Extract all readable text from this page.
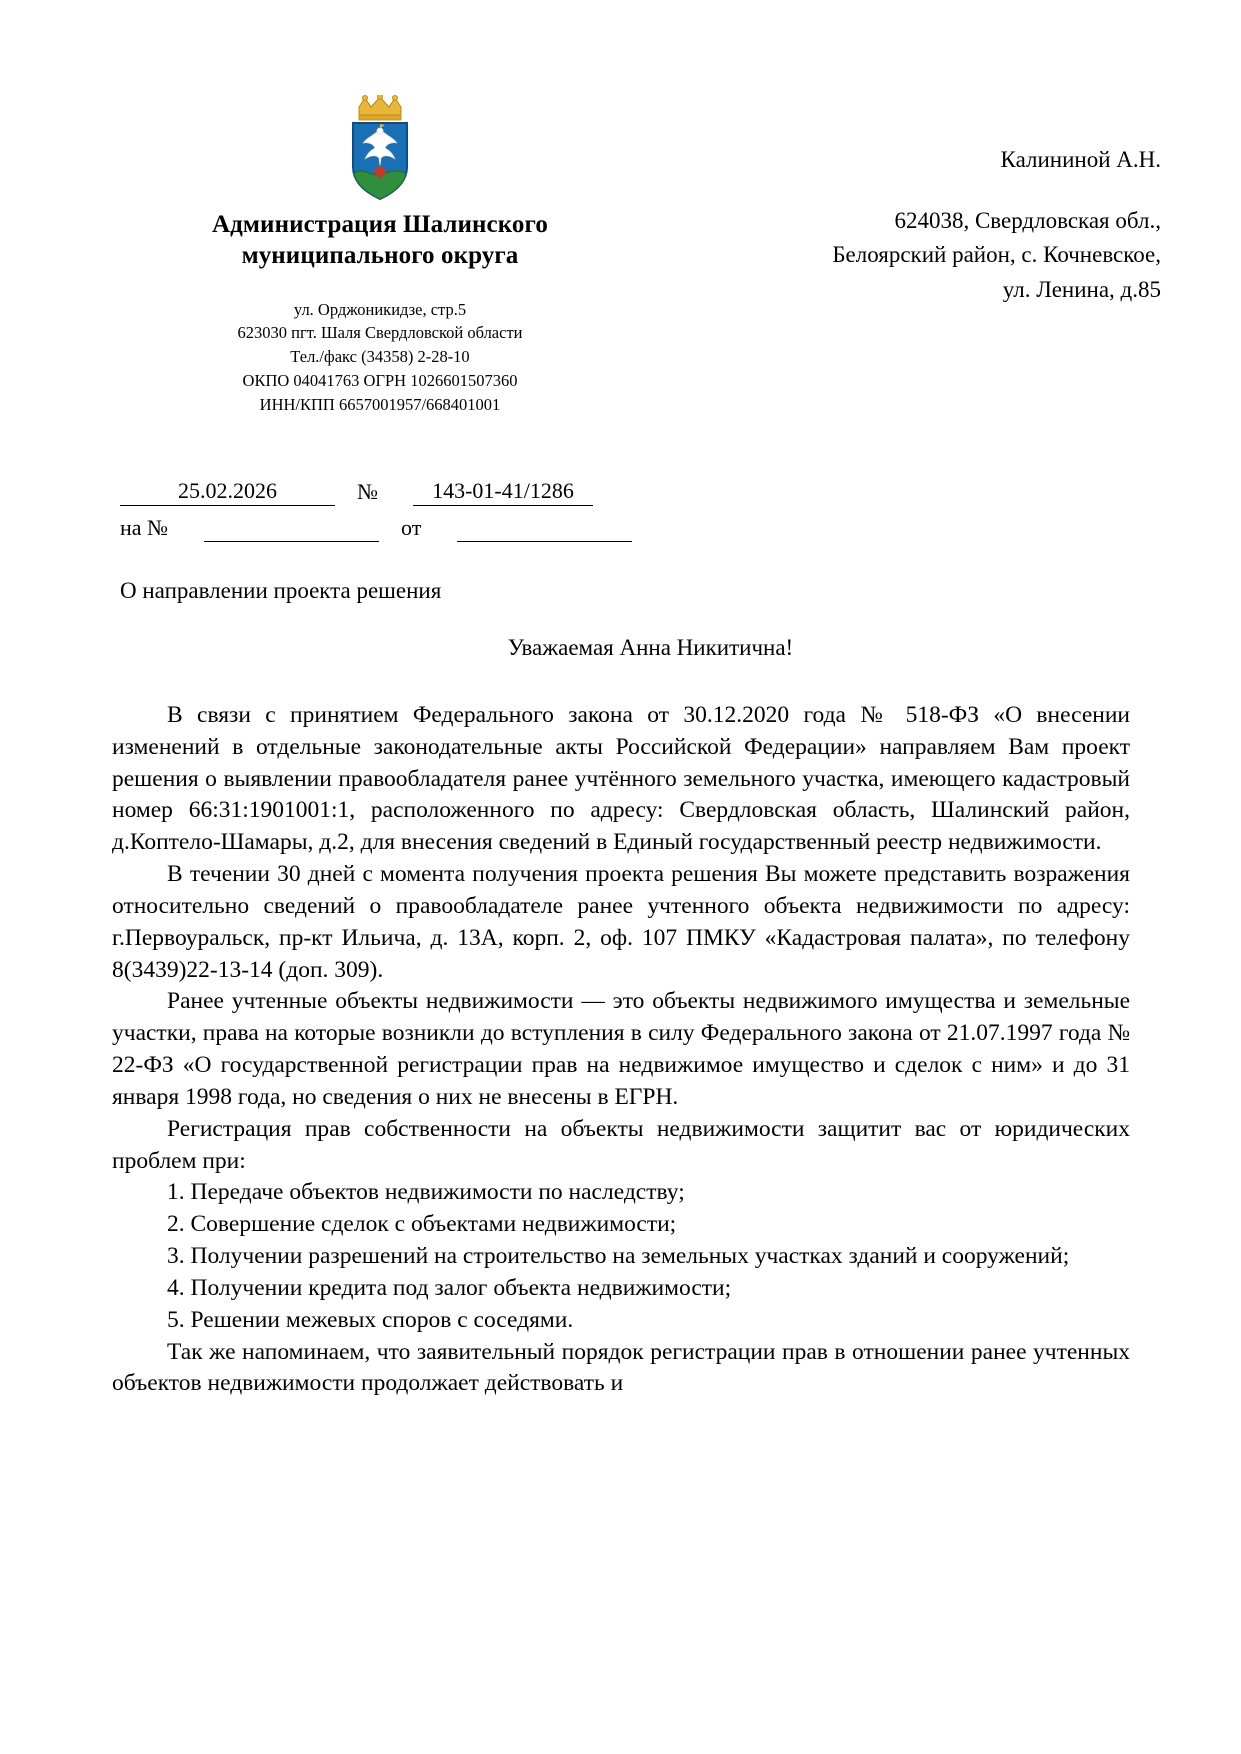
Администрация Шалинского
муниципального округа
ул. Орджоникидзе, стр.5
623030 пгт. Шаля Свердловской области
Тел./факс (34358) 2-28-10
ОКПО 04041763 ОГРН 1026601507360
ИНН/КПП 6657001957/668401001
Калининой А.Н.
624038, Свердловская обл.,
Белоярский район, с. Кочневское,
ул. Ленина, д.85
25.02.2026	№	143-01-41/1286
на №	от
О направлении проекта решения
Уважаемая Анна Никитична!

В связи с принятием Федерального закона от 30.12.2020 года № 518-ФЗ «О внесении изменений в отдельные законодательные акты Российской Федерации» направляем Вам проект решения о выявлении правообладателя ранее учтённого земельного участка, имеющего кадастровый номер 66:31:1901001:1, расположенного по адресу: Свердловская область, Шалинский район, д.Коптело-Шамары, д.2, для внесения сведений в Единый государственный реестр недвижимости.

В течении 30 дней с момента получения проекта решения Вы можете представить возражения относительно сведений о правообладателе ранее учтенного объекта недвижимости по адресу: г.Первоуральск, пр-кт Ильича, д. 13А, корп. 2, оф. 107 ПМКУ «Кадастровая палата», по телефону 8(3439)22-13-14 (доп. 309).

Ранее учтенные объекты недвижимости — это объекты недвижимого имущества и земельные участки, права на которые возникли до вступления в силу Федерального закона от 21.07.1997 года № 22-ФЗ «О государственной регистрации прав на недвижимое имущество и сделок с ним» и до 31 января 1998 года, но сведения о них не внесены в ЕГРН.

Регистрация прав собственности на объекты недвижимости защитит вас от юридических проблем при:

1. Передаче объектов недвижимости по наследству;

2. Совершение сделок с объектами недвижимости;

3. Получении разрешений на строительство на земельных участках зданий и сооружений;

4. Получении кредита под залог объекта недвижимости;

5. Решении межевых споров с соседями.

Так же напоминаем, что заявительный порядок регистрации прав в отношении ранее учтенных объектов недвижимости продолжает действовать и
